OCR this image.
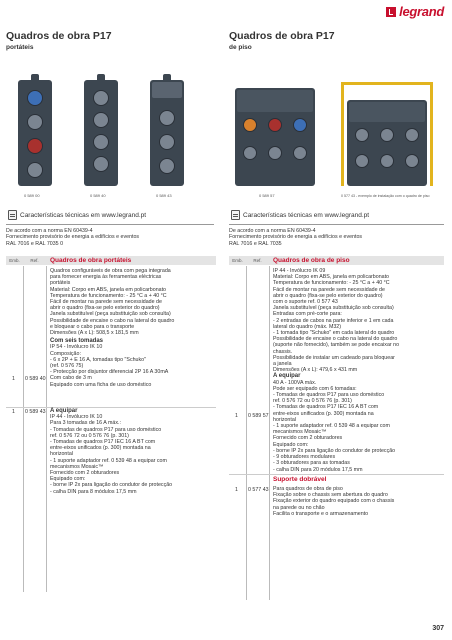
legrand
Quadros de obra P17
portáteis
Quadros de obra P17
de piso
0 589 00	0 589 40	0 589 43	0 589 57	0 577 43 - exemplo de instalação com o quadro de piso
Características técnicas em www.legrand.pt	Características técnicas em www.legrand.pt
De acordo com a norma EN 60439-4
Fornecimento provisório de energia a edifícios e eventos
RAL 7016 e RAL 7035 0
De acordo com a norma EN 60439-4
Fornecimento provisório de energia a edifícios e eventos
RAL 7016 e RAL 7035
Emb.	Ref.	Quadros de obra portáteis
Quadros configuráveis de obra com pega integrada
para fornecer energia às ferramentas eléctricas
portáteis
Material: Corpo em ABS, janela em policarbonato
Temperatura de funcionamento: - 25 °C a + 40 °C
Fácil de montar na parede sem necessidade de
abrir o quadro (fixa-se pelo exterior do quadro)
Janela substituível (peça substituição sob consulta)
Possibilidade de encaixe o cabo na lateral do quadro
e bloquear o cabo para o transporte
Dimensões (A x L): 508,5 x 181,5 mm
Com seis tomadas
IP 54 - Invólucro IK 10
Composição:
- 6 x 2P + E 16 A, tomadas tipo "Schuko"
(ref. 0 576 75)
- Protecção por disjuntor diferencial 2P 16 A 30mA
Com cabo de 3 m
Equipado com uma ficha de uso doméstico
1 0 589 40
A equipar
IP 44 - Invólucro IK 10
Para 3 tomadas de 16 A máx.:
- Tomadas de quadros P17 para uso doméstico
ref. 0 576 72 ou 0 576 76 (p. 301)
- Tomadas de quadros P17 IEC 16 A BT com
entre-eixos unificados (p. 300) montada na
horizontal
- 1 suporte adaptador ref. 0 539 48 a equipar com
mecanismos Mosaic™
Fornecido com 2 obturadores
Equipado com:
- borne IP 2x para ligação do condutor de protecção
- calha DIN para 8 módulos 17,5 mm
1 0 589 43
Emb.	Ref.	Quadros de obra de piso
IP 44 - Invólucro IK 09
Material: Corpo em ABS, janela em policarbonato
Temperatura de funcionamento: - 25 °C a + 40 °C
Fácil de montar na parede sem necessidade de
abrir o quadro (fixa-se pelo exterior do quadro)
com o suporte ref. 0 577 43
Janela substituível (peça substituição sob consulta)
Entradas com pré-corte para:
- 2 entradas de cabos na parte inferior e 1 em cada
lateral do quadro (máx. M32)
- 1 tomada tipo "Schuko" em cada lateral do quadro
Possibilidade de encaixe o cabo na lateral do quadro
(suporte não fornecido), também se pode encaixar no
chassis.
Possibilidade de instalar um cadeado para bloquear
a janela
Dimensões (A x L): 479,6 x 431 mm
A equipar
40 A - 100VA máx.
Pode ser equipado com 6 tomadas:
- Tomadas de quadros P17 para uso doméstico
ref. 0 576 72 ou 0 576 76 (p. 301)
- Tomadas de quadros P17 IEC 16 A BT com
entre-eixos unificados (p. 300) montada na
horizontal
- 1 suporte adaptador ref. 0 539 48 a equipar com
mecanismos Mosaic™
Fornecido com 2 obturadores
Equipado com:
- borne IP 2x para ligação do condutor de protecção
- 9 obturadores modulares
- 3 obturadores para as tomadas
- calha DIN para 20 módulos 17,5 mm
1 0 589 57
Suporte dobrável
Para quadros de obra de piso
Fixação sobre o chassis sem abertura do quadro
Fixação exterior do quadro equipado com o chassis
na parede ou no chão
Facilita o transporte e o armazenamento
1 0 577 43
307
